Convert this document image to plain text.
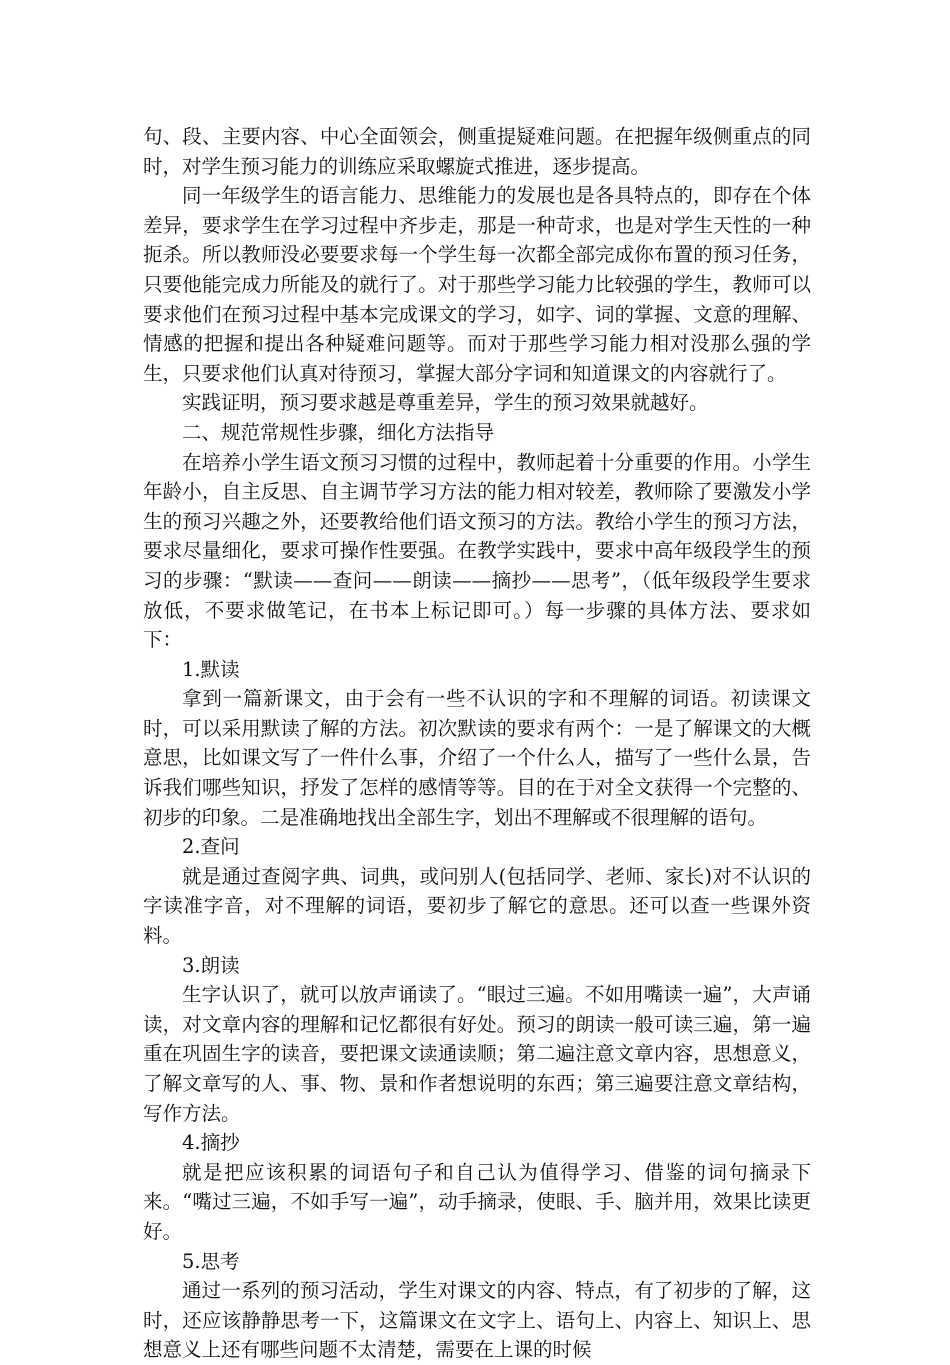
句、段、主要内容、中心全面领会，侧重提疑难问题。在把握年级侧重点的同时，对学生预习能力的训练应采取螺旋式推进，逐步提高。

同一年级学生的语言能力、思维能力的发展也是各具特点的，即存在个体差异，要求学生在学习过程中齐步走，那是一种苛求，也是对学生天性的一种扼杀。所以教师没必要要求每一个学生每一次都全部完成你布置的预习任务，只要他能完成力所能及的就行了。对于那些学习能力比较强的学生，教师可以要求他们在预习过程中基本完成课文的学习，如字、词的掌握、文意的理解、情感的把握和提出各种疑难问题等。而对于那些学习能力相对没那么强的学生，只要求他们认真对待预习，掌握大部分字词和知道课文的内容就行了。

实践证明，预习要求越是尊重差异，学生的预习效果就越好。

二、规范常规性步骤，细化方法指导

在培养小学生语文预习习惯的过程中，教师起着十分重要的作用。小学生年龄小，自主反思、自主调节学习方法的能力相对较差，教师除了要激发小学生的预习兴趣之外，还要教给他们语文预习的方法。教给小学生的预习方法，要求尽量细化，要求可操作性要强。在教学实践中，要求中高年级段学生的预习的步骤：“默读——查问——朗读——摘抄——思考”，（低年级段学生要求放低，不要求做笔记，在书本上标记即可。）每一步骤的具体方法、要求如下：

1.默读

拿到一篇新课文，由于会有一些不认识的字和不理解的词语。初读课文时，可以采用默读了解的方法。初次默读的要求有两个：一是了解课文的大概意思，比如课文写了一件什么事，介绍了一个什么人，描写了一些什么景，告诉我们哪些知识，抒发了怎样的感情等等。目的在于对全文获得一个完整的、初步的印象。二是准确地找出全部生字，划出不理解或不很理解的语句。

2.查问

就是通过查阅字典、词典，或问别人(包括同学、老师、家长)对不认识的字读准字音，对不理解的词语，要初步了解它的意思。还可以查一些课外资料。

3.朗读

生字认识了，就可以放声诵读了。“眼过三遍。不如用嘴读一遍”，大声诵读，对文章内容的理解和记忆都很有好处。预习的朗读一般可读三遍，第一遍重在巩固生字的读音，要把课文读通读顺；第二遍注意文章内容，思想意义，了解文章写的人、事、物、景和作者想说明的东西；第三遍要注意文章结构，写作方法。

4.摘抄

就是把应该积累的词语句子和自己认为值得学习、借鉴的词句摘录下来。“嘴过三遍，不如手写一遍”，动手摘录，使眼、手、脑并用，效果比读更好。

5.思考

通过一系列的预习活动，学生对课文的内容、特点，有了初步的了解，这时，还应该静静思考一下，这篇课文在文字上、语句上、内容上、知识上、思想意义上还有哪些问题不太清楚，需要在上课的时候
